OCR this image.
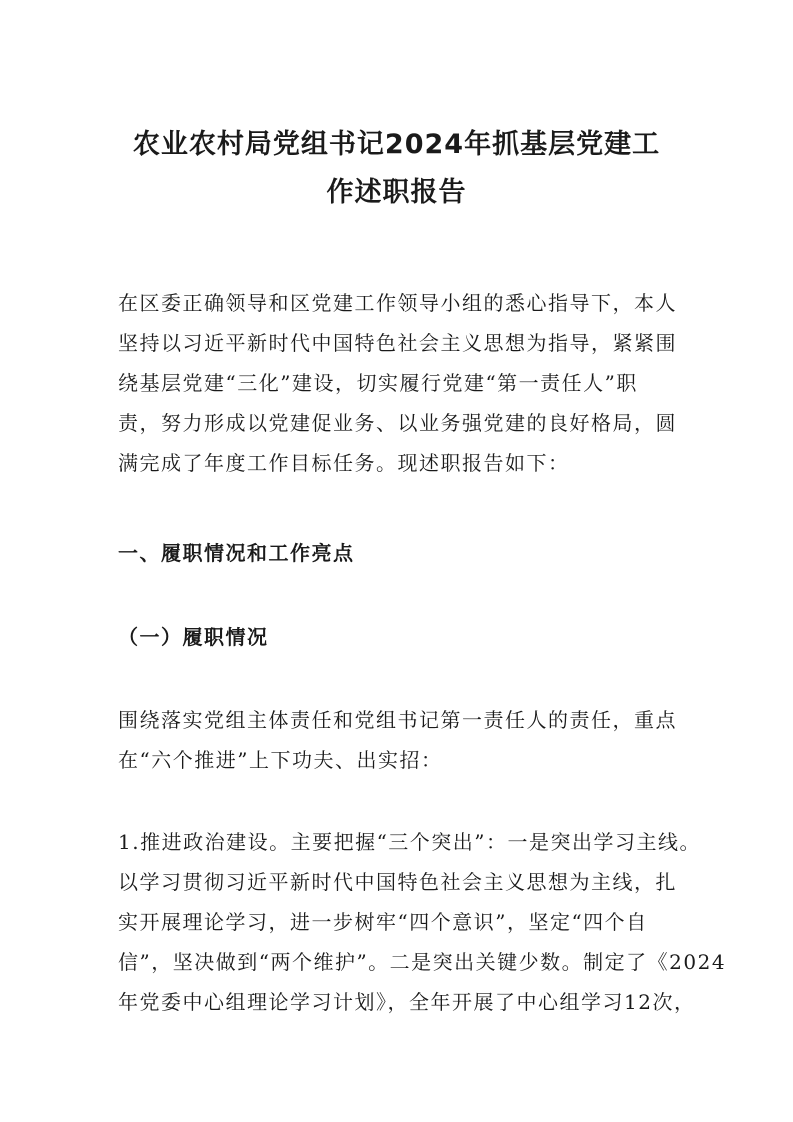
农业农村局党组书记2024年抓基层党建工
作述职报告
在区委正确领导和区党建工作领导小组的悉心指导下，本人
坚持以习近平新时代中国特色社会主义思想为指导，紧紧围
绕基层党建“三化”建设，切实履行党建“第一责任人”职
责，努力形成以党建促业务、以业务强党建的良好格局，圆
满完成了年度工作目标任务。现述职报告如下：
一、履职情况和工作亮点
（一）履职情况
围绕落实党组主体责任和党组书记第一责任人的责任，重点
在“六个推进”上下功夫、出实招：
1.推进政治建设。主要把握“三个突出”：一是突出学习主线。
以学习贯彻习近平新时代中国特色社会主义思想为主线，扎
实开展理论学习，进一步树牢“四个意识”，坚定“四个自
信”，坚决做到“两个维护”。二是突出关键少数。制定了《2024
年党委中心组理论学习计划》，全年开展了中心组学习12次，
